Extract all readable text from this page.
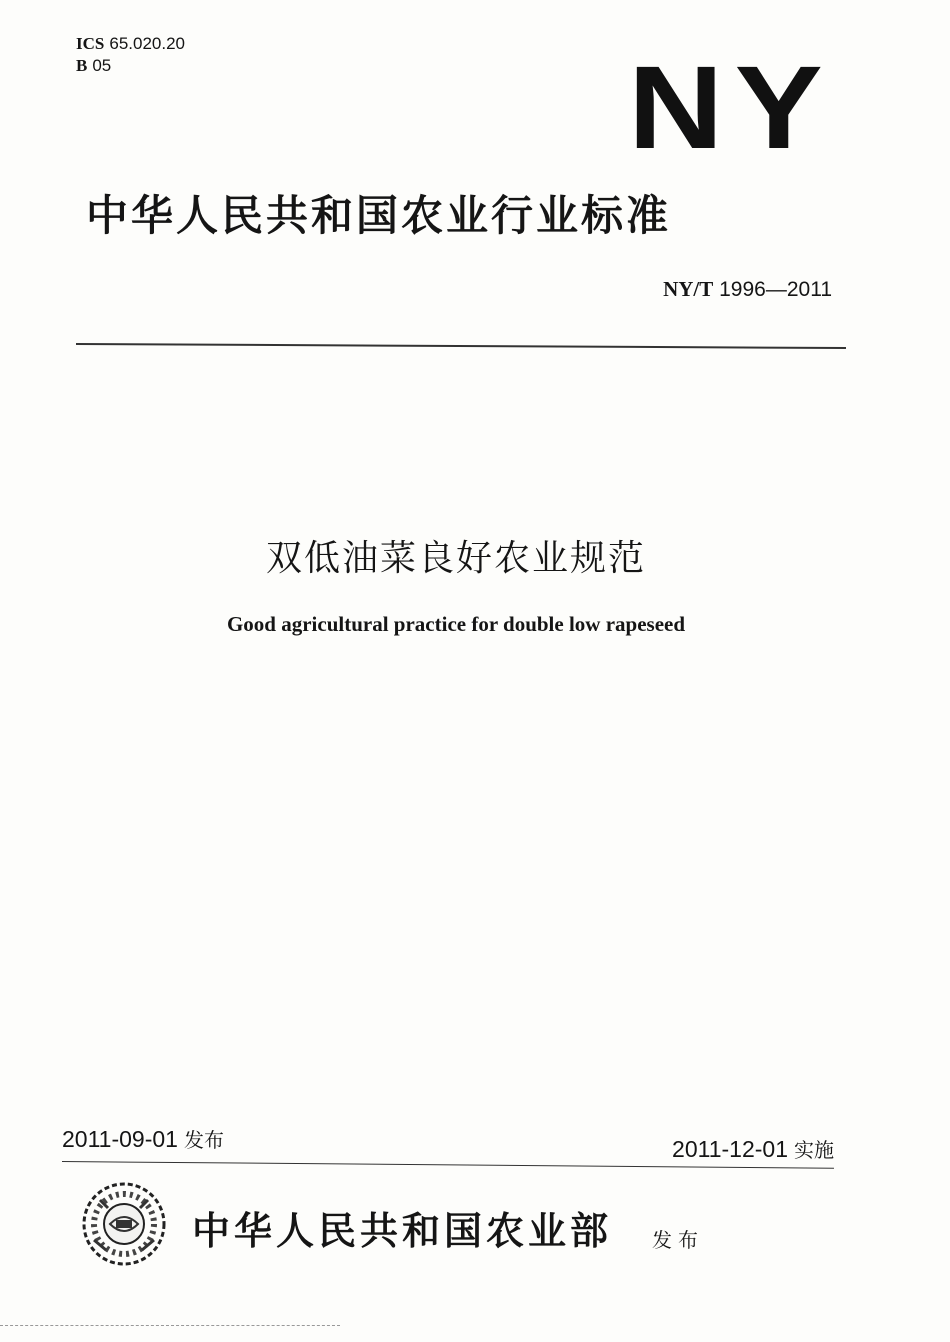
ICS 65.020.20
B 05	NY
中华人民共和国农业行业标准
NY/T 1996—2011
双低油菜良好农业规范
Good agricultural practice for double low rapeseed
2011-09-01 发布	2011-12-01 实施
中华人民共和国农业部 发布
